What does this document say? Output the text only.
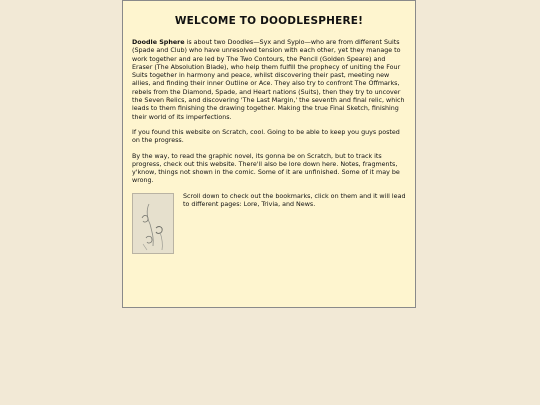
WELCOME TO DOODLESPHERE!

Doodle Sphere is about two Doodles—Syx and Syplo—who are from different Suits (Spade and Club) who have unresolved tension with each other, yet they manage to work together and are led by The Two Contours, the Pencil (Golden Speare) and Eraser (The Absolution Blade), who help them fulfill the prophecy of uniting the Four Suits together in harmony and peace, whilst discovering their past, meeting new allies, and finding their inner Outline or Ace. They also try to confront The Offmarks, rebels from the Diamond, Spade, and Heart nations (Suits), then they try to uncover the Seven Relics, and discovering 'The Last Margin,' the seventh and final relic, which leads to them finishing the drawing together. Making the true Final Sketch, finishing their world of its imperfections.

If you found this website on Scratch, cool. Going to be able to keep you guys posted on the progress.

By the way, to read the graphic novel, its gonna be on Scratch, but to track its progress, check out this website. There'll also be lore down here. Notes, fragments, y'know, things not shown in the comic. Some of it are unfinished. Some of it may be wrong.

Scroll down to check out the bookmarks, click on them and it will lead to different pages: Lore, Trivia, and News.
